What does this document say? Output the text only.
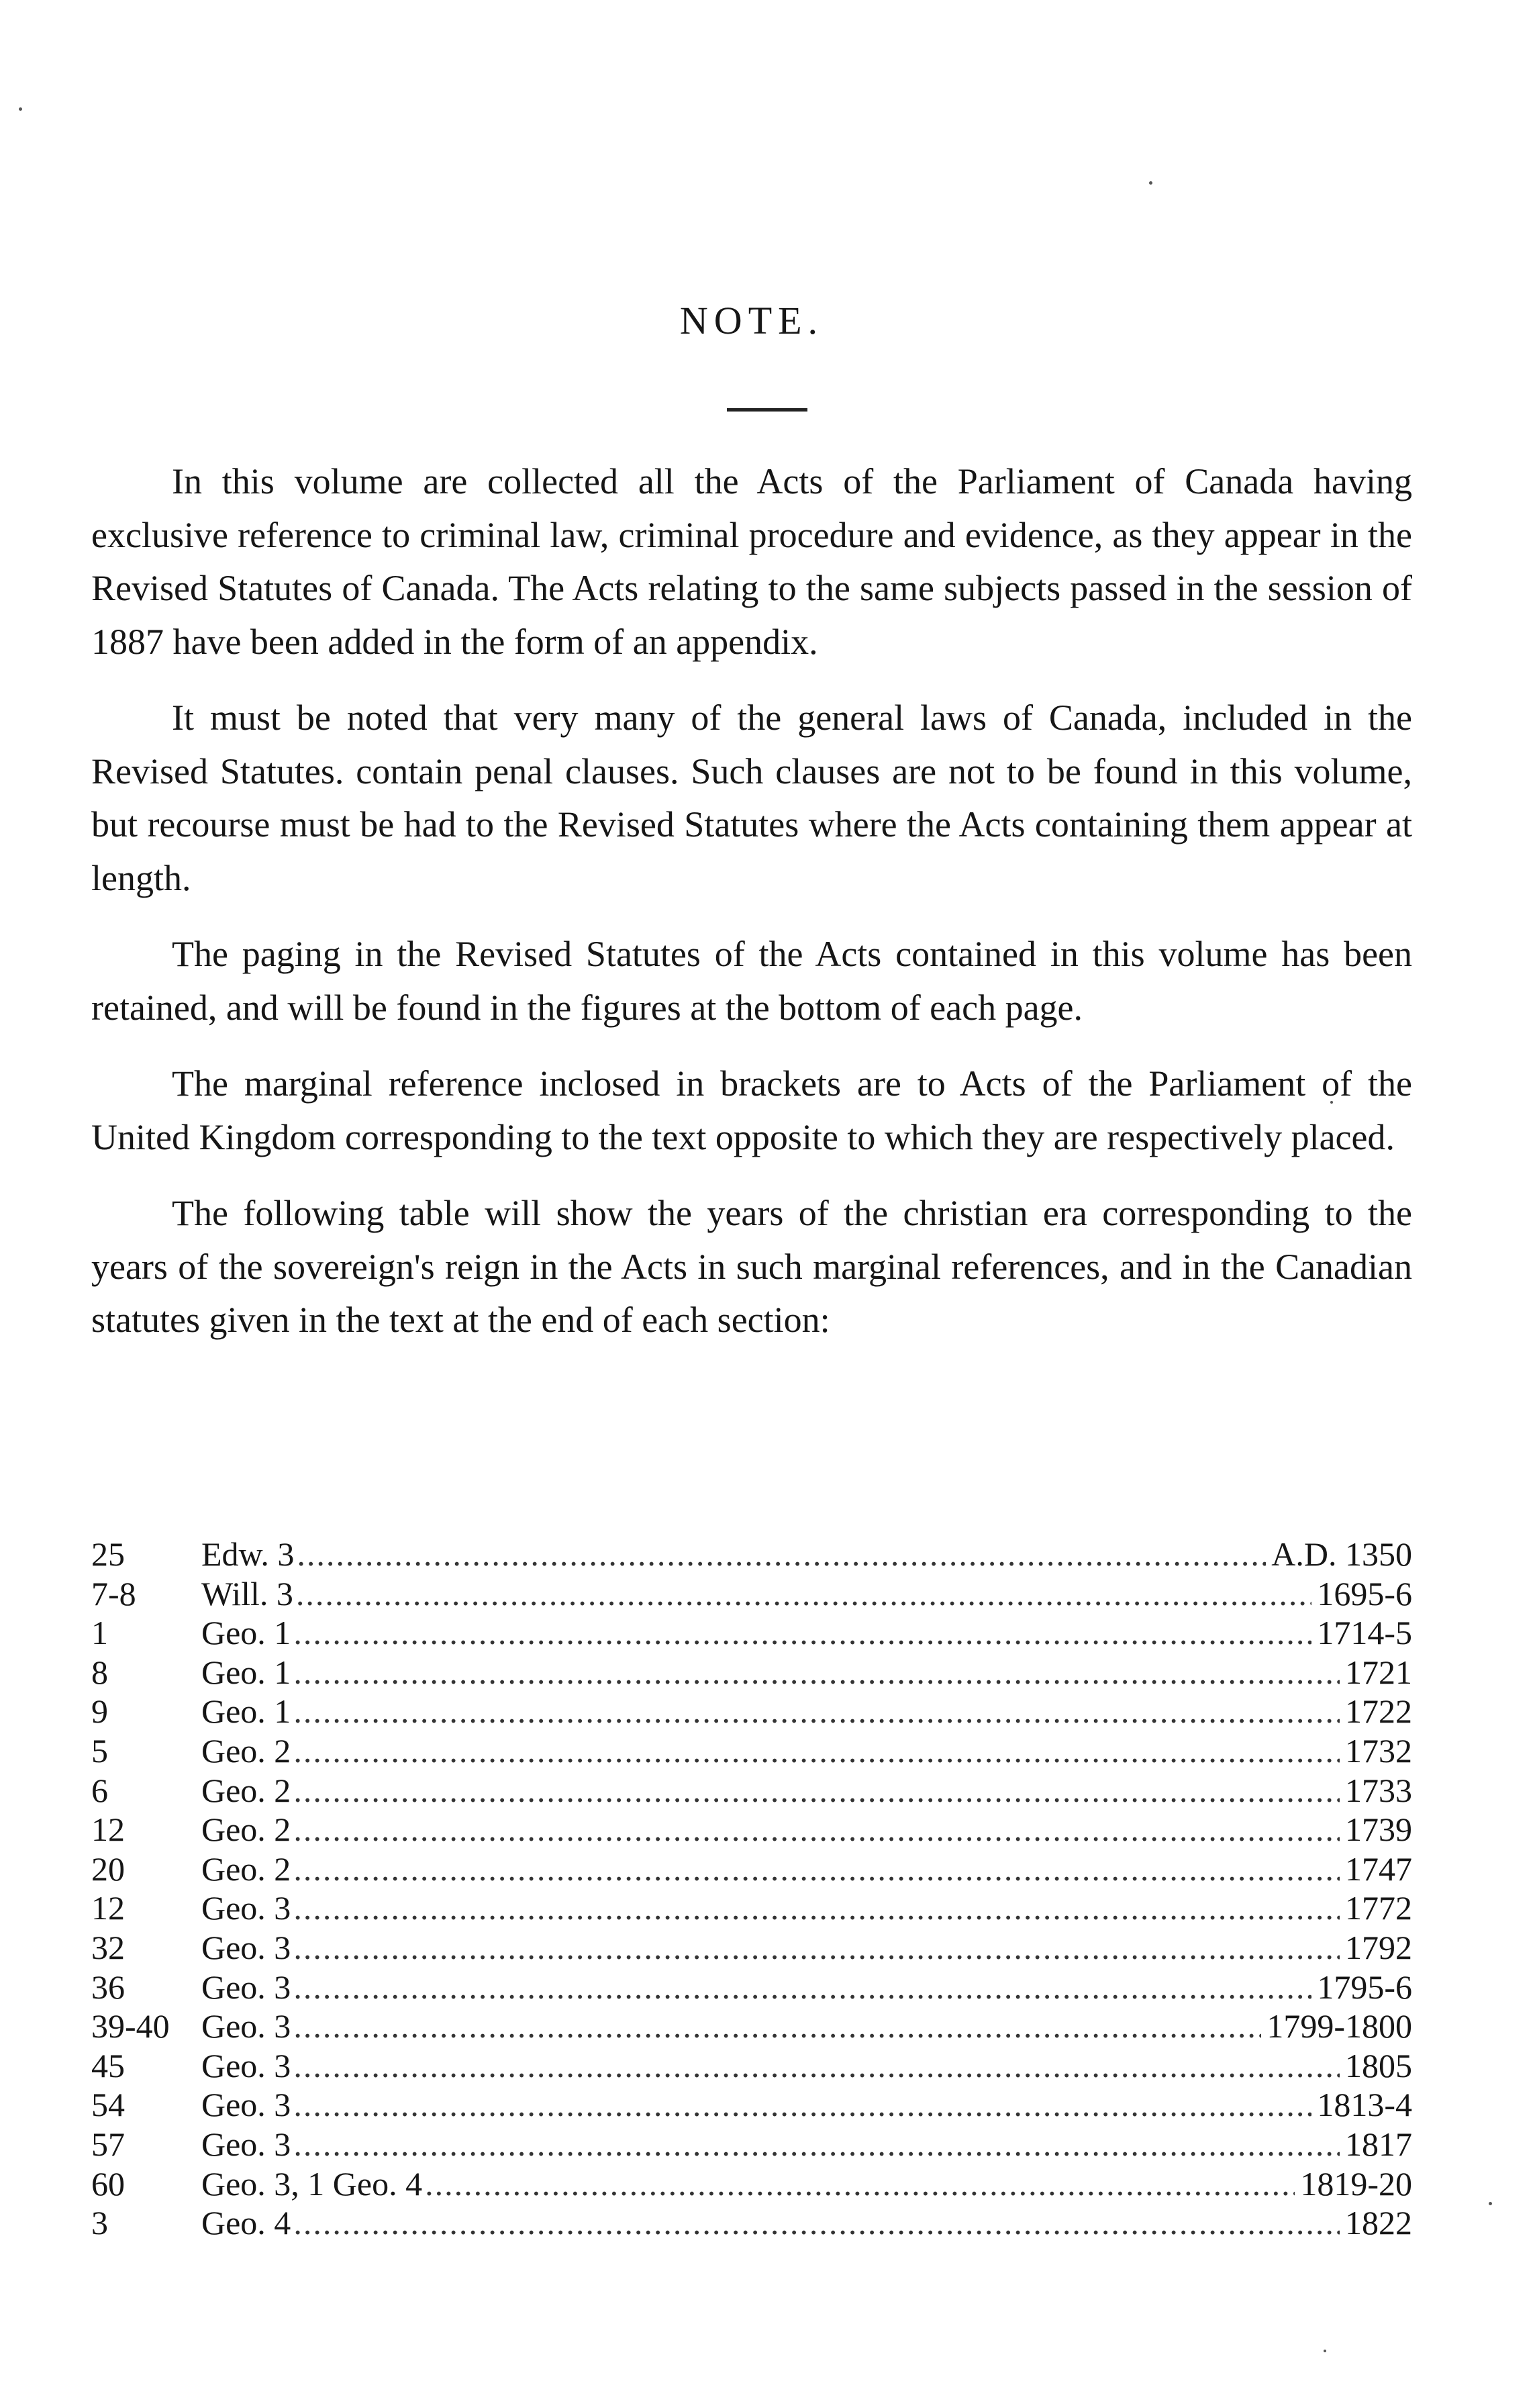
NOTE.

In this volume are collected all the Acts of the Parliament of Canada having exclusive reference to criminal law, criminal procedure and evidence, as they appear in the Revised Statutes of Canada. The Acts relating to the same subjects passed in the session of 1887 have been added in the form of an appendix.

It must be noted that very many of the general laws of Canada, included in the Revised Statutes. contain penal clauses. Such clauses are not to be found in this volume, but recourse must be had to the Revised Statutes where the Acts containing them appear at length.

The paging in the Revised Statutes of the Acts contained in this volume has been retained, and will be found in the figures at the bottom of each page.

The marginal reference inclosed in brackets are to Acts of the Parliament of the United Kingdom corresponding to the text opposite to which they are respectively placed.

The following table will show the years of the christian era corresponding to the years of the sovereign's reign in the Acts in such marginal references, and in the Canadian statutes given in the text at the end of each section:

25	Edw. 3 .....	A.D. 1350
7-8	Will. 3 .....	1695-6
1	Geo. 1 .....	1714-5
8	Geo. 1 .....	1721
9	Geo. 1 .....	1722
5	Geo. 2 .....	1732
6	Geo. 2 .....	1733
12	Geo. 2 .....	1739
20	Geo. 2 .....	1747
12	Geo. 3 .....	1772
32	Geo. 3 .....	1792
36	Geo. 3 .....	1795-6
39-40 Geo. 3 .....	1799-1800
45	Geo. 3 .....	1805
54	Geo. 3 .....	1813-4
57	Geo. 3 .....	1817
60	Geo. 3, 1 Geo. 4 .....	1819-20
3	Geo. 4 .....	1822
